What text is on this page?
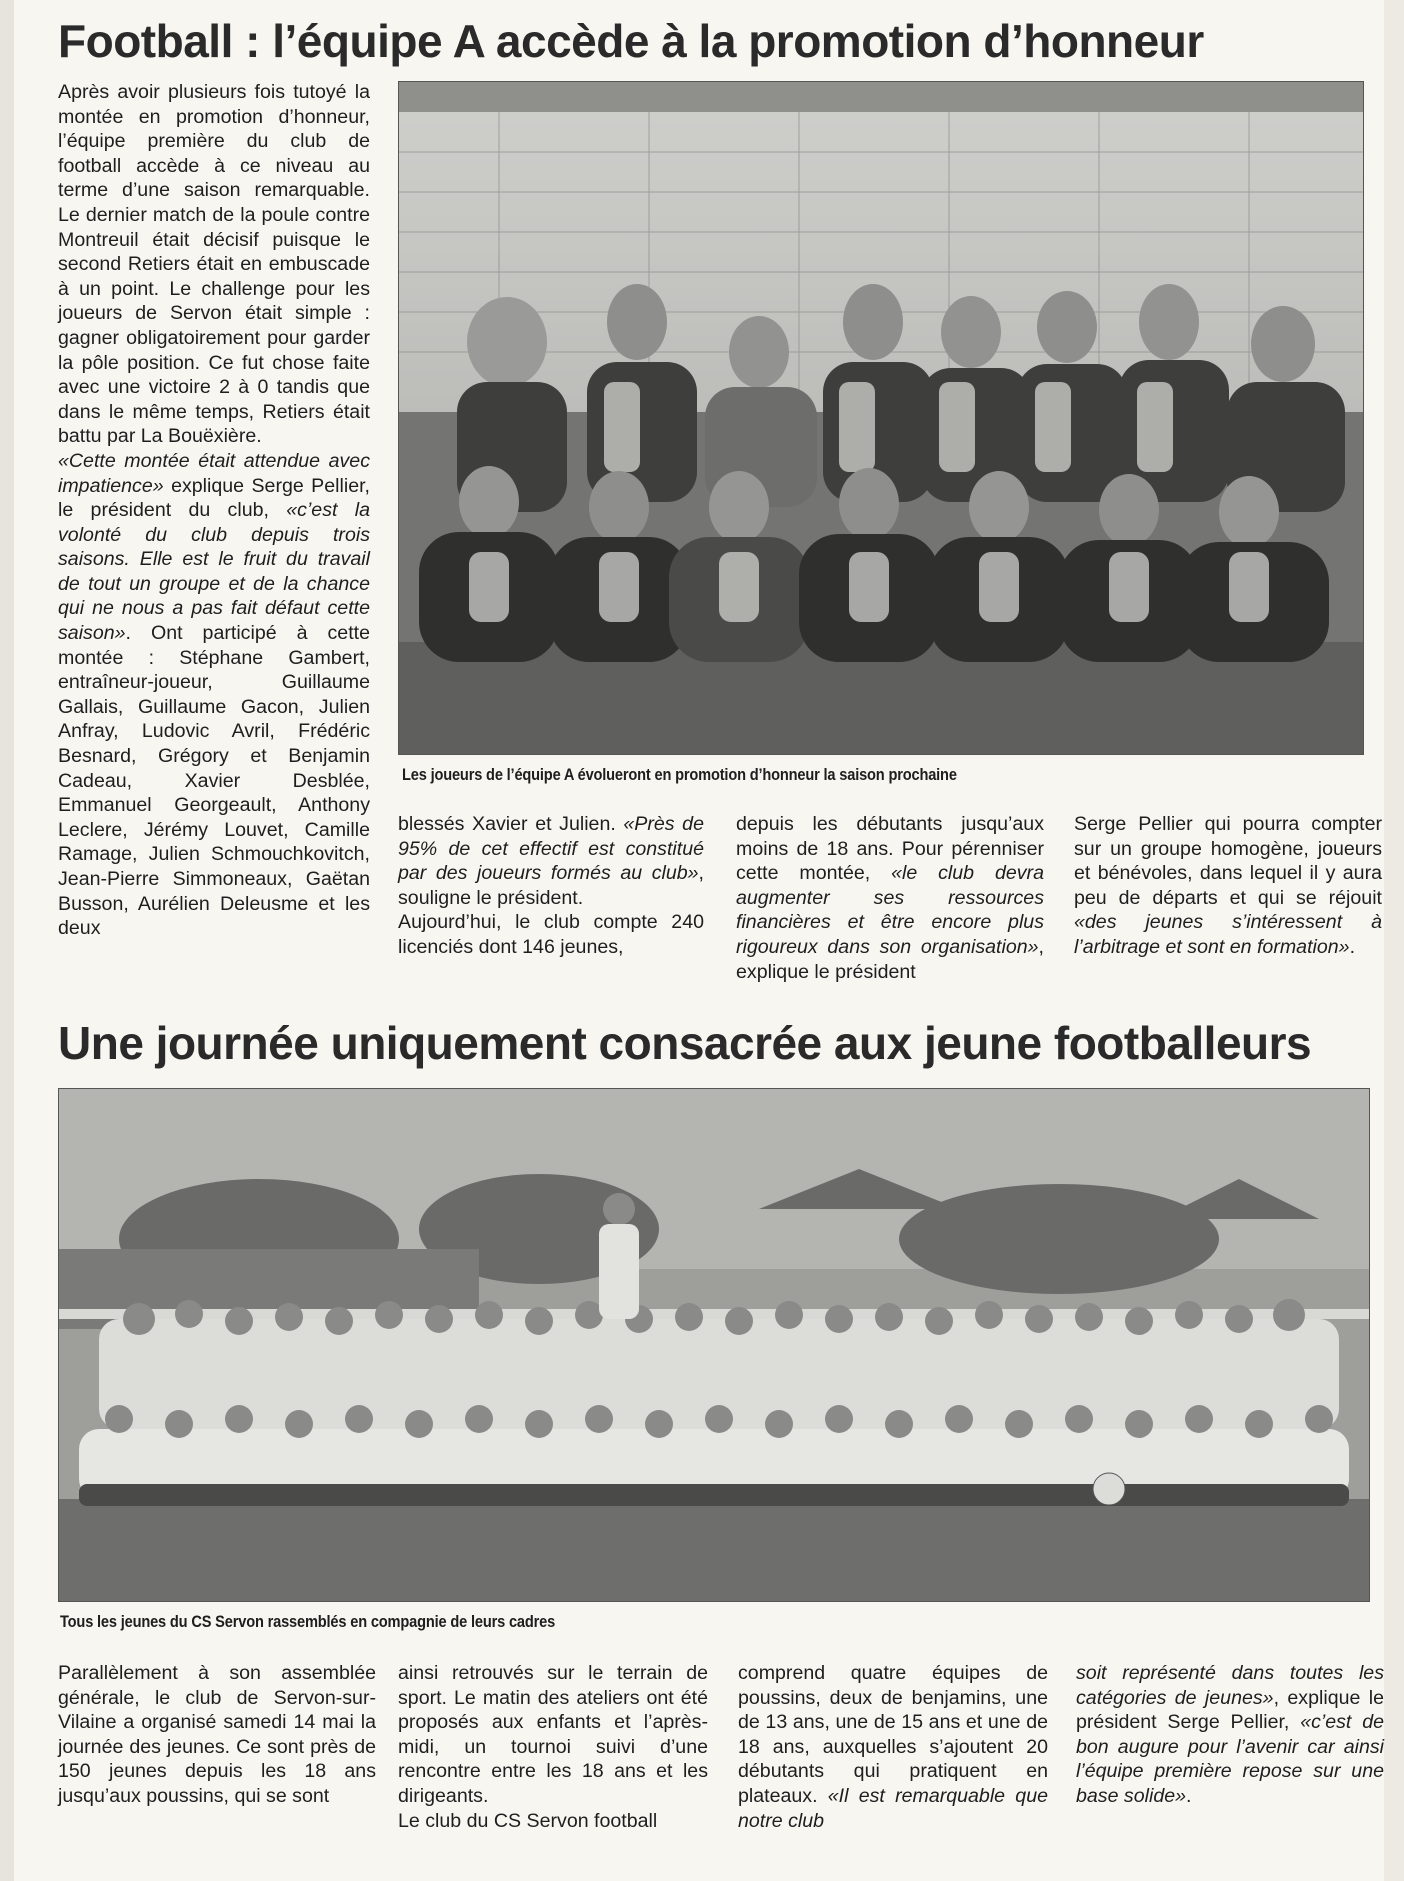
Football : l’équipe A accède à la promotion d’honneur

Après avoir plusieurs fois tutoyé la montée en promotion d’honneur, l’équipe première du club de football accède à ce niveau au terme d’une saison remarquable. Le dernier match de la poule contre Montreuil était décisif puisque le second Retiers était en embuscade à un point. Le challenge pour les joueurs de Servon était simple : gagner obligatoirement pour garder la pôle position. Ce fut chose faite avec une victoire 2 à 0 tandis que dans le même temps, Retiers était battu par La Bouëxière.

«Cette montée était attendue avec impatience» explique Serge Pellier, le président du club, «c’est la volonté du club depuis trois saisons. Elle est le fruit du travail de tout un groupe et de la chance qui ne nous a pas fait défaut cette saison». Ont participé à cette montée : Stéphane Gambert, entraîneur-joueur, Guillaume Gallais, Guillaume Gacon, Julien Anfray, Ludovic Avril, Frédéric Besnard, Grégory et Benjamin Cadeau, Xavier Desblée, Emmanuel Georgeault, Anthony Leclere, Jérémy Louvet, Camille Ramage, Julien Schmouchkovitch, Jean-Pierre Simmoneaux, Gaëtan Busson, Aurélien Deleusme et les deux

Les joueurs de l’équipe A évolueront en promotion d’honneur la saison prochaine

blessés Xavier et Julien. «Près de 95% de cet effectif est constitué par des joueurs formés au club», souligne le président.

Aujourd’hui, le club compte 240 licenciés dont 146 jeunes,

depuis les débutants jusqu’aux moins de 18 ans. Pour pérenniser cette montée, «le club devra augmenter ses ressources financières et être encore plus rigoureux dans son organisation», explique le président

Serge Pellier qui pourra compter sur un groupe homogène, joueurs et bénévoles, dans lequel il y aura peu de départs et qui se réjouit «des jeunes s’intéressent à l’arbitrage et sont en formation».

Une journée uniquement consacrée aux jeune footballeurs
Tous les jeunes du CS Servon rassemblés en compagnie de leurs cadres

Parallèlement à son assemblée générale, le club de Servon-sur-Vilaine a organisé samedi 14 mai la journée des jeunes. Ce sont près de 150 jeunes depuis les 18 ans jusqu’aux poussins, qui se sont

ainsi retrouvés sur le terrain de sport. Le matin des ateliers ont été proposés aux enfants et l’après-midi, un tournoi suivi d’une rencontre entre les 18 ans et les dirigeants.

Le club du CS Servon football

comprend quatre équipes de poussins, deux de benjamins, une de 13 ans, une de 15 ans et une de 18 ans, auxquelles s’ajoutent 20 débutants qui pratiquent en plateaux. «Il est remarquable que notre club

soit représenté dans toutes les catégories de jeunes», explique le président Serge Pellier, «c’est de bon augure pour l’avenir car ainsi l’équipe première repose sur une base solide».
